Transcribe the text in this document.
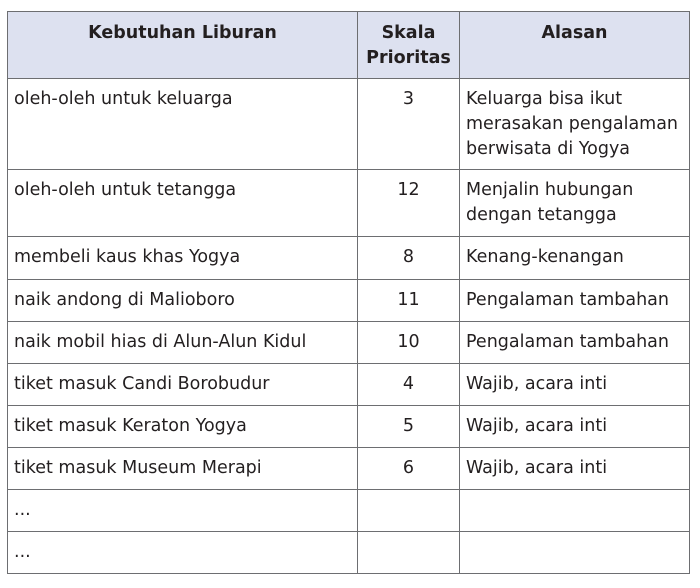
Kebutuhan Liburan	Skala Prioritas	Alasan
oleh-oleh untuk keluarga	3	Keluarga bisa ikut merasakan pengalaman berwisata di Yogya
oleh-oleh untuk tetangga	12	Menjalin hubungan dengan tetangga
membeli kaus khas Yogya	8	Kenang-kenangan
naik andong di Malioboro	11	Pengalaman tambahan
naik mobil hias di Alun-Alun Kidul	10	Pengalaman tambahan
tiket masuk Candi Borobudur	4	Wajib, acara inti
tiket masuk Keraton Yogya	5	Wajib, acara inti
tiket masuk Museum Merapi	6	Wajib, acara inti
...		
...		
